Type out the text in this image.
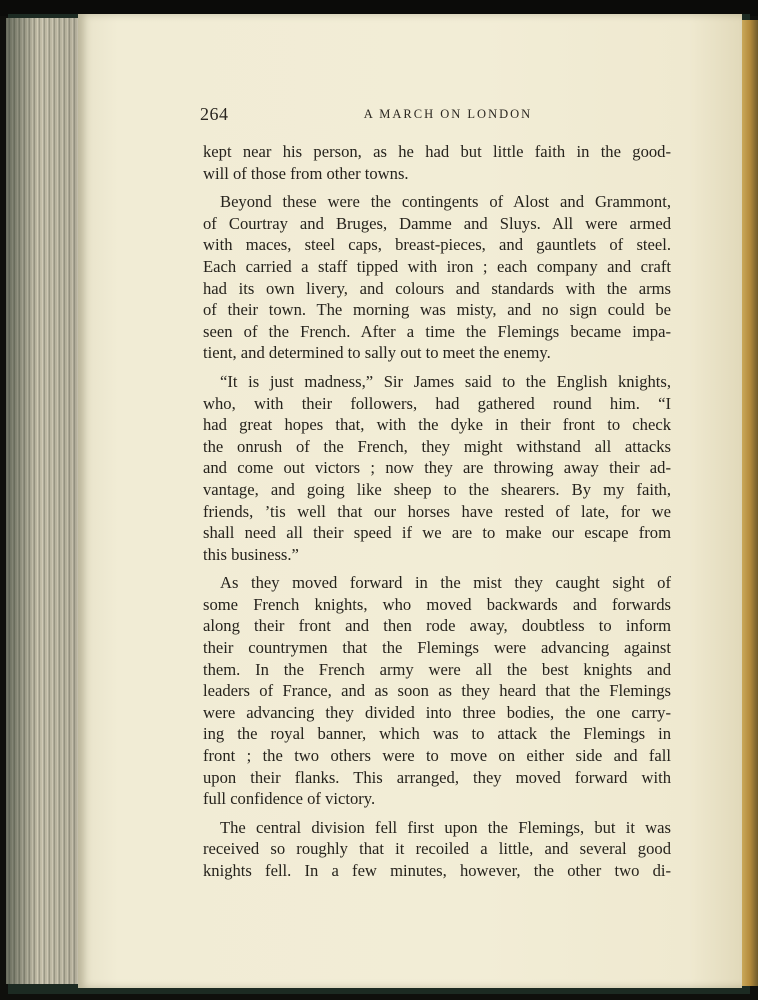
264	A MARCH ON LONDON
kept near his person, as he had but little faith in the good-
will of those from other towns.
Beyond these were the contingents of Alost and Grammont,
of Courtray and Bruges, Damme and Sluys. All were armed
with maces, steel caps, breast-pieces, and gauntlets of steel.
Each carried a staff tipped with iron ; each company and craft
had its own livery, and colours and standards with the arms
of their town. The morning was misty, and no sign could be
seen of the French. After a time the Flemings became impa-
tient, and determined to sally out to meet the enemy.
“It is just madness,” Sir James said to the English knights,
who, with their followers, had gathered round him. “I
had great hopes that, with the dyke in their front to check
the onrush of the French, they might withstand all attacks
and come out victors ; now they are throwing away their ad-
vantage, and going like sheep to the shearers. By my faith,
friends, ’tis well that our horses have rested of late, for we
shall need all their speed if we are to make our escape from
this business.”
As they moved forward in the mist they caught sight of
some French knights, who moved backwards and forwards
along their front and then rode away, doubtless to inform
their countrymen that the Flemings were advancing against
them. In the French army were all the best knights and
leaders of France, and as soon as they heard that the Flemings
were advancing they divided into three bodies, the one carry-
ing the royal banner, which was to attack the Flemings in
front ; the two others were to move on either side and fall
upon their flanks. This arranged, they moved forward with
full confidence of victory.
The central division fell first upon the Flemings, but it was
received so roughly that it recoiled a little, and several good
knights fell. In a few minutes, however, the other two di-
